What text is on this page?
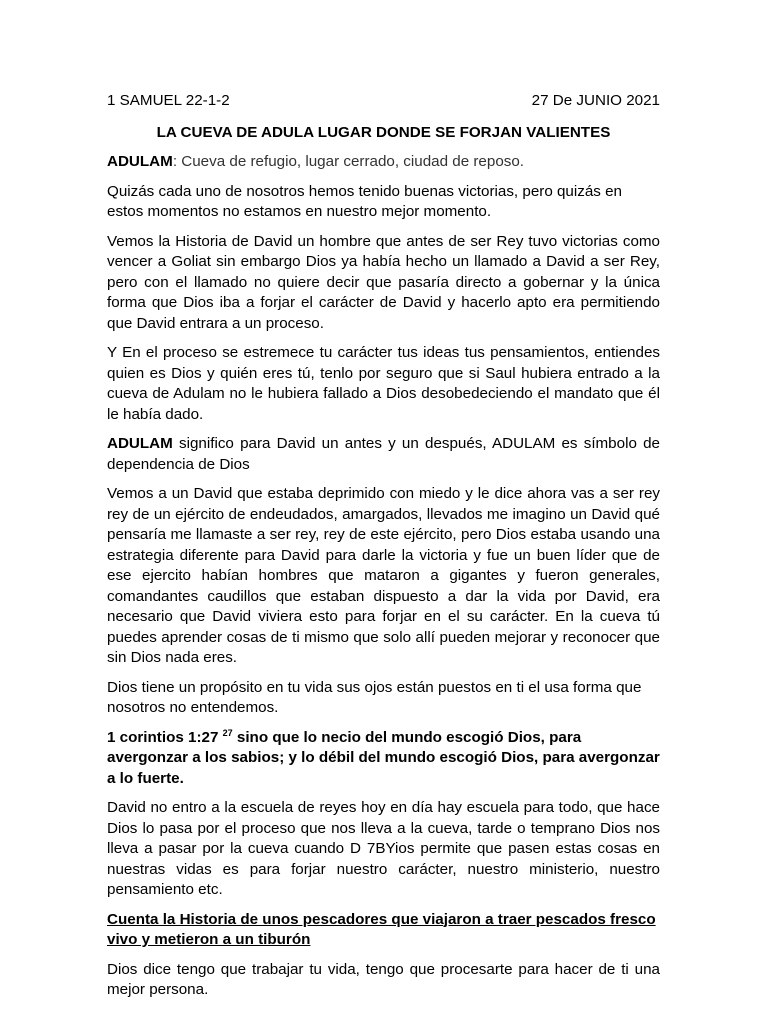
1 SAMUEL 22-1-2	27 De JUNIO 2021

LA CUEVA DE ADULA LUGAR DONDE SE FORJAN VALIENTES

ADULAM: Cueva de refugio, lugar cerrado, ciudad de reposo.

Quizás cada uno de nosotros hemos tenido buenas victorias, pero quizás en estos momentos no estamos en nuestro mejor momento.

Vemos la Historia de David un hombre que antes de ser Rey tuvo victorias como vencer a Goliat sin embargo Dios ya había hecho un llamado a David a ser Rey, pero con el llamado no quiere decir que pasaría directo a gobernar y la única forma que Dios iba a forjar el carácter de David y hacerlo apto era permitiendo que David entrara a un proceso.

Y En el proceso se estremece tu carácter tus ideas tus pensamientos, entiendes quien es Dios y quién eres tú, tenlo por seguro que si Saul hubiera entrado a la cueva de Adulam no le hubiera fallado a Dios desobedeciendo el mandato que él le había dado.

ADULAM significo para David un antes y un después, ADULAM es símbolo de dependencia de Dios

Vemos a un David que estaba deprimido con miedo y le dice ahora vas a ser rey rey de un ejército de endeudados, amargados, llevados me imagino un David qué pensaría me llamaste a ser rey, rey de este ejército, pero Dios estaba usando una estrategia diferente para David para darle la victoria y fue un buen líder que de ese ejercito habían hombres que mataron a gigantes y fueron generales, comandantes caudillos que estaban dispuesto a dar la vida por David, era necesario que David viviera esto para forjar en el su carácter. En la cueva tú puedes aprender cosas de ti mismo que solo allí pueden mejorar y reconocer que sin Dios nada eres.

Dios tiene un propósito en tu vida sus ojos están puestos en ti el usa forma que nosotros no entendemos.

1 corintios 1:27 $^{27}$ sino que lo necio del mundo escogió Dios, para avergonzar a los sabios; y lo débil del mundo escogió Dios, para avergonzar a lo fuerte.

David no entro a la escuela de reyes hoy en día hay escuela para todo, que hace Dios lo pasa por el proceso que nos lleva a la cueva, tarde o temprano Dios nos lleva a pasar por la cueva cuando D 7BYios permite que pasen estas cosas en nuestras vidas es para forjar nuestro carácter, nuestro ministerio, nuestro pensamiento etc.

Cuenta la Historia de unos pescadores que viajaron a traer pescados fresco vivo y metieron a un tiburón

Dios dice tengo que trabajar tu vida, tengo que procesarte para hacer de ti una mejor persona.
